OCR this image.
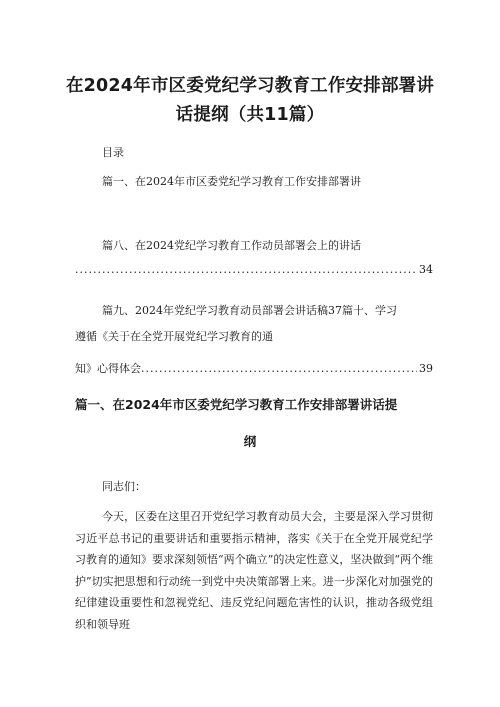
在2024年市区委党纪学习教育工作安排部署讲
话提纲（共11篇）
目录
篇一、在2024年市区委党纪学习教育工作安排部署讲
篇八、在2024党纪学习教育工作动员部署会上的讲话
.....
34
篇九、2024年党纪学习教育动员部署会讲话稿37篇十、学习
遵循《关于在全党开展党纪学习教育的通
知》心得体会
.....	39
篇一、在2024年市区委党纪学习教育工作安排部署讲话提
纲
同志们：

今天，区委在这里召开党纪学习教育动员大会，主要是深入学习贯彻习近平总书记的重要讲话和重要指示精神，落实《关于在全党开展党纪学习教育的通知》要求深刻领悟“两个确立”的决定性意义，坚决做到“两个维护”切实把思想和行动统一到党中央决策部署上来。进一步深化对加强党的纪律建设重要性和忽视党纪、违反党纪问题危害性的认识，推动各级党组织和领导班
